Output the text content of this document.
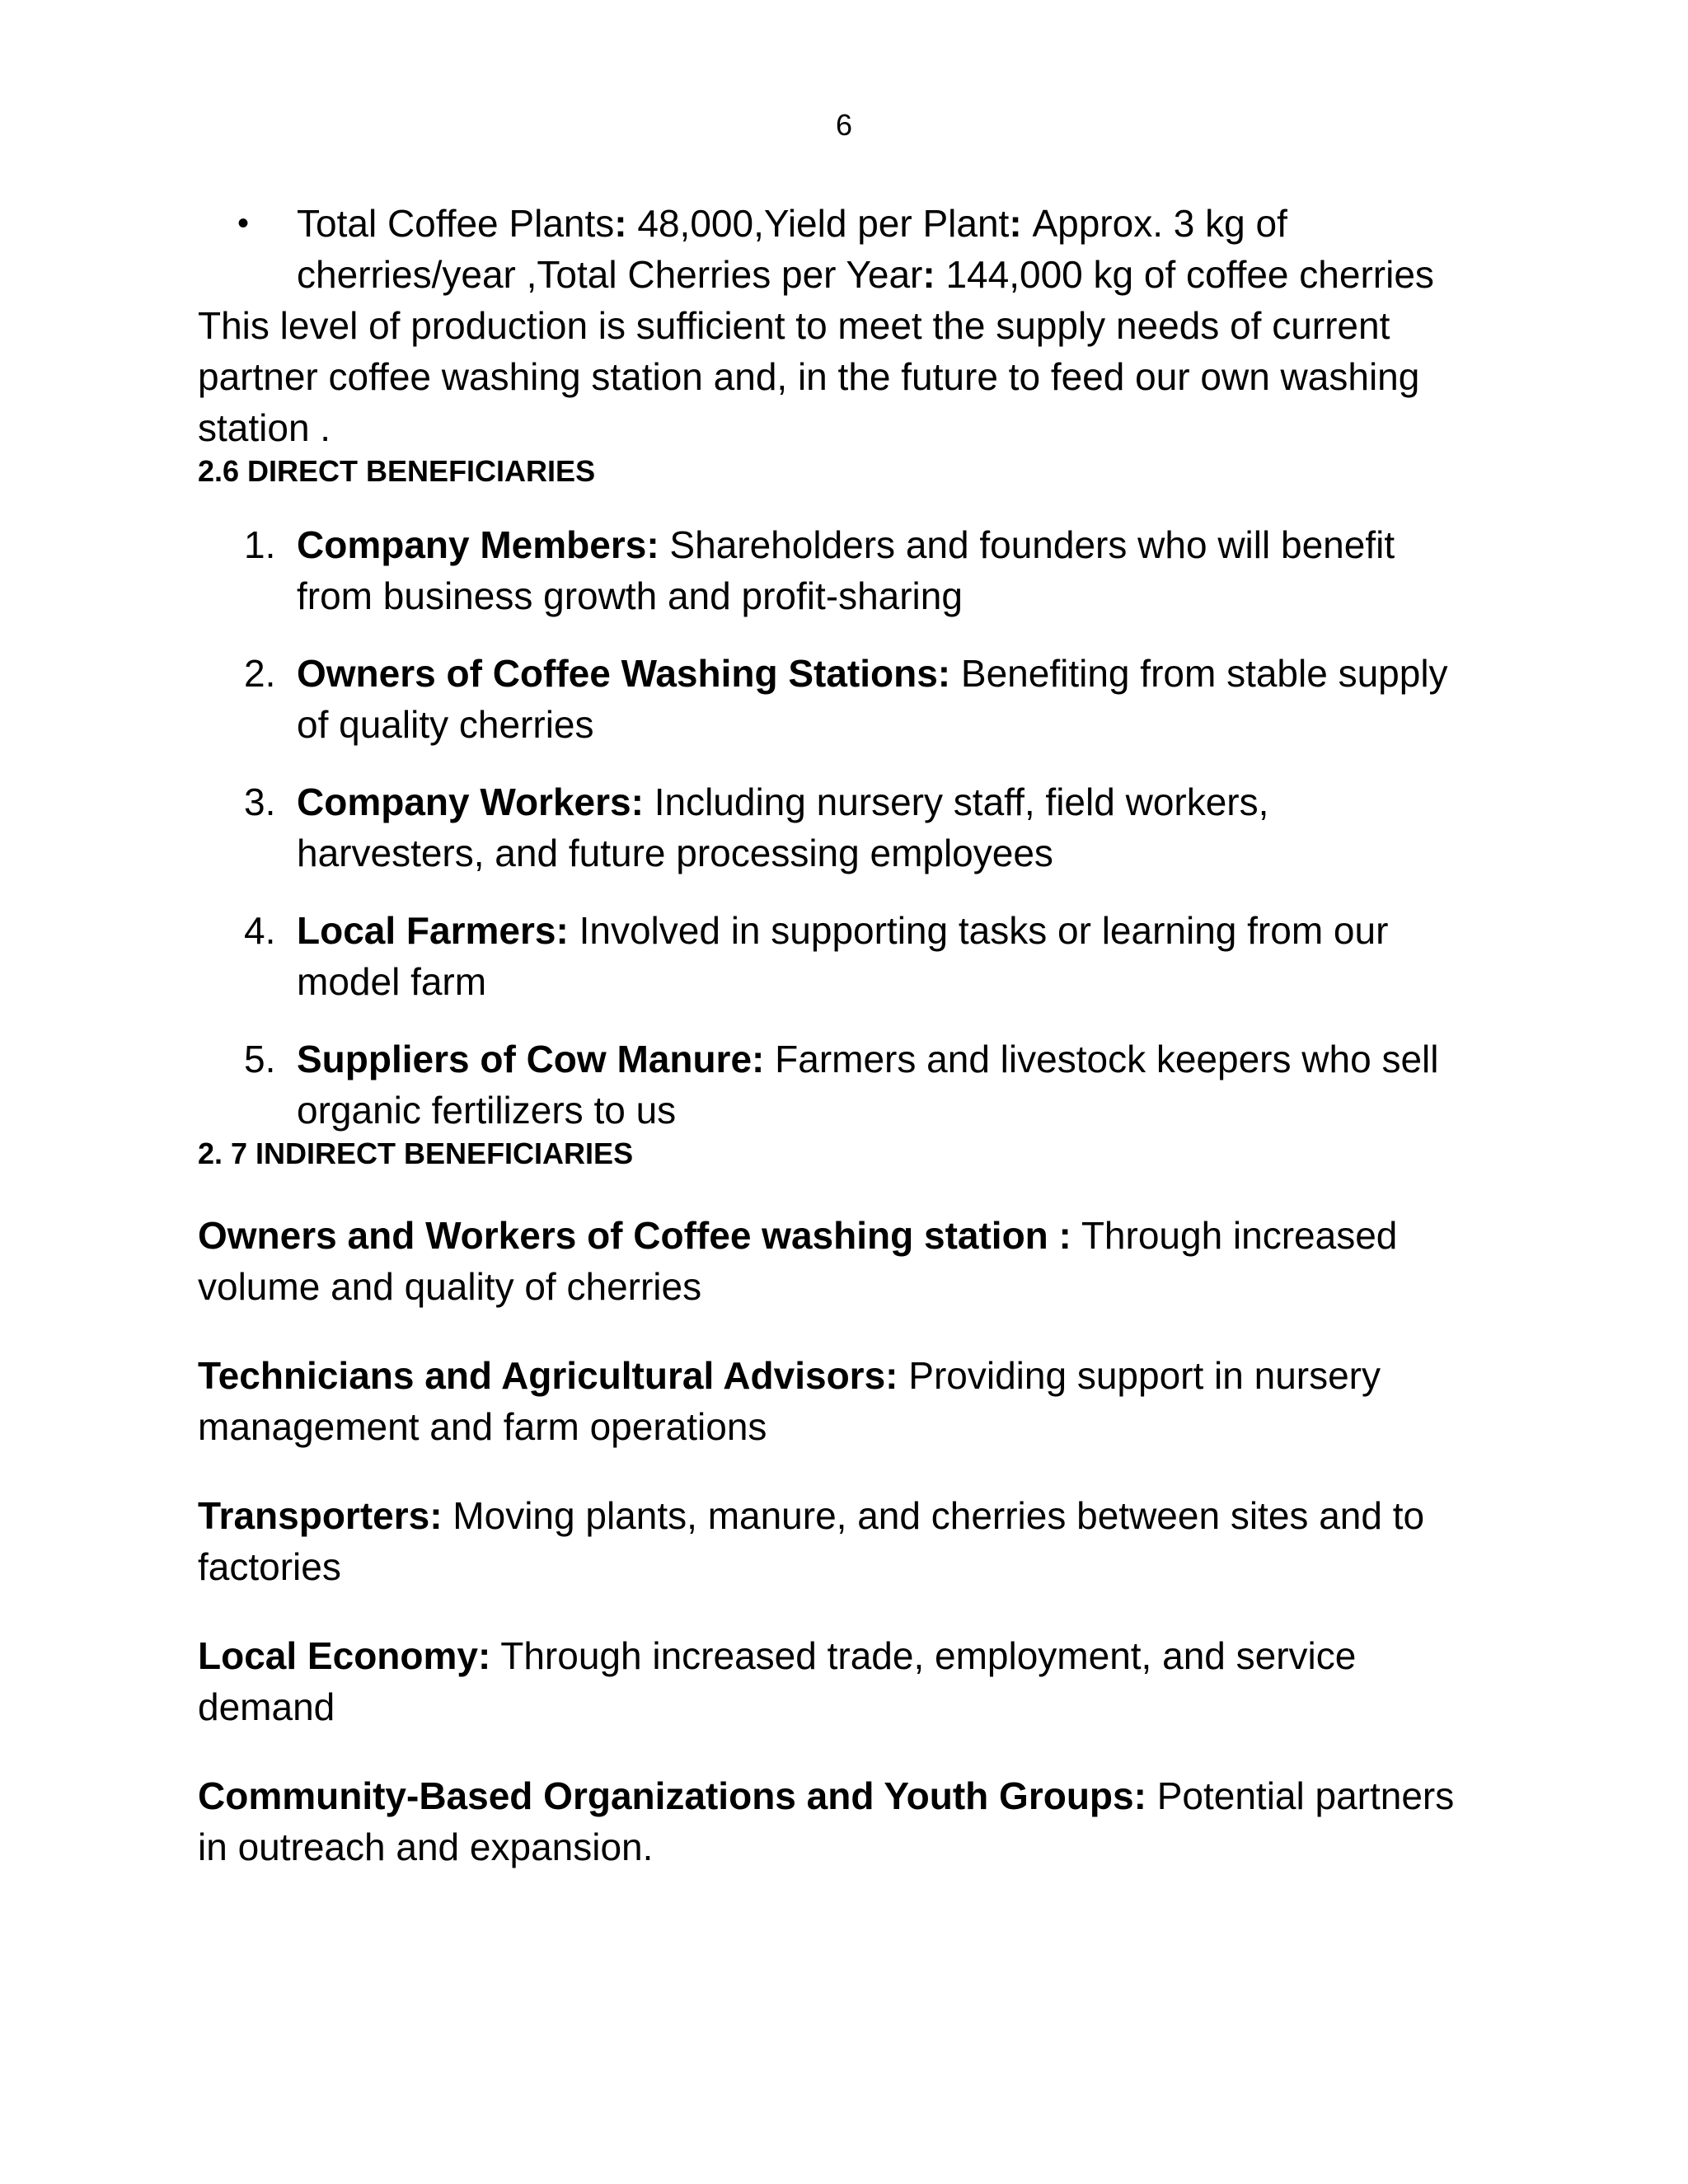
6
• Total Coffee Plants: 48,000,Yield per Plant: Approx. 3 kg of
cherries/year ,Total Cherries per Year: 144,000 kg of coffee cherries

This level of production is sufficient to meet the supply needs of current
partner coffee washing station and, in the future to feed our own washing
station .

2.6 DIRECT BENEFICIARIES
1. Company Members: Shareholders and founders who will benefit
from business growth and profit-sharing
2. Owners of Coffee Washing Stations: Benefiting from stable supply
of quality cherries
3. Company Workers: Including nursery staff, field workers,
harvesters, and future processing employees
4. Local Farmers: Involved in supporting tasks or learning from our
model farm
5. Suppliers of Cow Manure: Farmers and livestock keepers who sell
organic fertilizers to us
2. 7 INDIRECT BENEFICIARIES

Owners and Workers of Coffee washing station : Through increased
volume and quality of cherries

Technicians and Agricultural Advisors: Providing support in nursery
management and farm operations

Transporters: Moving plants, manure, and cherries between sites and to
factories

Local Economy: Through increased trade, employment, and service
demand

Community-Based Organizations and Youth Groups: Potential partners
in outreach and expansion.
